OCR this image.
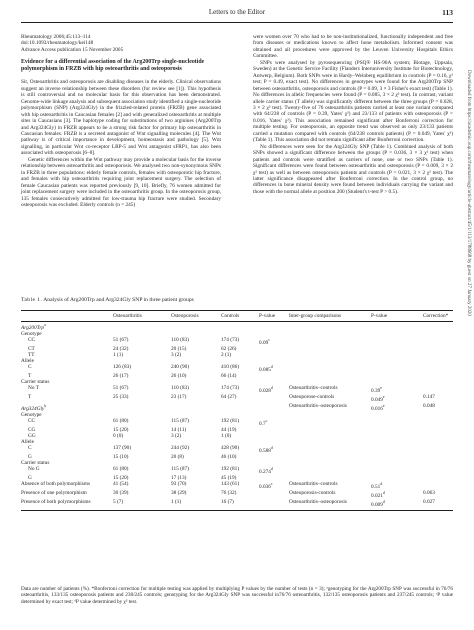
Letters to the Editor	113
Rheumatology 2006;45:113–114
doi:10.1093/rheumatology/kei148
Advance Access publication 15 November 2005
Evidence for a differential association of the Arg200Trp single-nucleotide polymorphism in FRZB with hip osteoarthritis and osteoporosis

Sir, Osteoarthritis and osteoporosis are disabling diseases in the elderly. Clinical observations suggest an inverse relationship between these disorders (for review see [1]). This hypothesis is still controversial and no molecular basis for this observation has been demonstrated. Genome-wide linkage analysis and subsequent association study identified a single-nucleotide polymorphism (SNP) (Arg324Gly) in the frizzled-related protein (FRZB) gene associated with hip osteoarthritis in Caucasian females [2] and with generalized osteoarthritis at multiple sites in Caucasians [3]. The haplotype coding for substitutions of two arginines (Arg200Trp and Arg324Gly) in FRZB appears to be a strong risk factor for primary hip osteoarthritis in Caucasian females. FRZB is a secreted antagonist of Wnt signalling molecules [4]. The Wnt pathway is of critical importance in development, homeostasis and pathology [5]. Wnt signalling, in particular Wnt co-receptor LRP-5 and Wnt antagonist sFRP1, has also been associated with osteoporosis [6–8].

Genetic differences within the Wnt pathway may provide a molecular basis for the inverse relationship between osteoarthritis and osteoporosis. We analysed two non-synonymous SNPs in FRZB in three populations: elderly female controls, females with osteoporotic hip fracture, and females with hip osteoarthritis requiring joint replacement surgery. The selection of female Caucasian patients was reported previously [9, 10]. Briefly, 76 women admitted for joint replacement surgery were included in the osteoarthritis group. In the osteoporosis group, 135 females consecutively admitted for low-trauma hip fracture were studied. Secondary osteoporosis was excluded. Elderly controls (n = 245)

were women over 70 who had to be non-institutionalized, functionally independent and free from diseases or medications known to affect bone metabolism. Informed consent was obtained and all procedures were approved by the Leuven University Hospitals Ethics Committee.

SNPs were analysed by pyrosequencing (PSQ® HS-96A system; Biotage, Uppsala, Sweden) at the Genetic Service Facility (Flanders Interuniversity Institute for Biotechnology, Antwerp, Belgium). Both SNPs were in Hardy–Weinberg equilibrium in controls (P = 0.16, χ² test; P = 0.49, exact test). No differences in genotypes were found for the Arg200Trp SNP between osteoarthritis, osteoporosis and controls (P = 0.09, 3 × 3 Fisher's exact test) (Table 1). No differences in allelic frequencies were found (P = 0.085, 3 × 2 χ² test). In contrast, variant allele carrier status (T allele) was significantly different between the three groups (P = 0.028, 3 × 2 χ² test). Twenty-five of 76 osteoarthritis patients carried at least one variant compared with 64/238 of controls (P = 0.39, Yates' χ²) and 23/133 of patients with osteoporosis (P = 0.016, Yates' χ²). This association remained significant after Bonferroni correction for multiple testing. For osteoporosis, an opposite trend was observed as only 23/133 patients carried a mutation compared with controls (64/238 controls patients) (P = 0.049, Yates' χ²) (Table 1). This association did not remain significant after Bonferroni correction.

No differences were seen for the Arg324Gly SNP (Table 1). Combined analysis of both SNPs showed a significant difference between the groups (P = 0.036, 3 × 3 χ² test) when patients and controls were stratified as carriers of none, one or two SNPs (Table 1). Significant differences were found between osteoarthritis and osteoporosis (P = 0.009, 3 × 2 χ² test) as well as between osteoporosis patients and controls (P = 0.021, 3 × 2 χ² test). The latter significance disappeared after Bonferroni correction. In the control group, no differences in bone mineral density were found between individuals carrying the variant and those with the normal allele at position 200 (Student's t-test P > 0.5).	Downloaded from https://academic.oup.com/rheumatology/article-abstract/45/1/113/1788668 by guest on 27 January 2020
Table 1. Analysis of Arg200Trp and Arg324Gly SNP in three patient groups
	Osteoarthritis	Osteoporosis	Controls	P-value	Inter-group comparisons	P-value	Correction*
Arg200Trp$^a$							
Genotype							
CC	51 (67)	110 (83)	174 (73)	0.09$^c$			
CT	24 (32)	20 (15)	62 (26)				
TT	1 (1)	3 (2)	2 (1)				
Allele							
C	126 (83)	240 (90)	410 (86)	0.085$^d$			
T	26 (17)	26 (10)	66 (14)				
Carrier status							
No T	51 (67)	110 (83)	174 (73)	0.028$^d$	Osteoarthritis–controls	0.39e	
T	25 (33)	23 (17)	64 (27)		Osteoporose-controls	0.049e	0.147
Arg324Gly$^b$					Osteoarthritis–osteoporosis	0.016e	0.048
Genotype							
CC	61 (80)	115 (87)	192 (81)	0.7$^c$			
CG	15 (20)	14 (11)	44 (19)				
GG	0 (0)	3 (2)	1 (0)				
Allele							
C	137 (90)	244 (92)	428 (90)	0.588$^d$			
G	15 (10)	20 (8)	46 (10)				
Carrier status							
No G	61 (80)	115 (87)	192 (81)	0.274$^d$			
G	15 (20)	17 (13)	45 (19)				
Absence of both polymorphisms	41 (54)	93 (70)	143 (61)	0.036$^c$	Osteoarthritis–controls	0.51$^d$	
Presence of one polymorphism	30 (39)	38 (29)	76 (32)		Osteoporosis-controls	0.021$^d$	0.063
Presence of both polymorphisms	5 (7)	1 (1)	16 (7)		Osteoarthritis–osteoporosis	0.009$^d$	0.027
Data are number of patients (%). *Bonferroni correction for multiple testing was applied by multiplying P values by the number of tests (n = 3); ᵃgenotyping for the Arg200Trp SNP was successful in 76/76 osteoarthritis, 133/135 osteoporosis patients and 238/245 controls; genotyping for the Arg324Gly SNP was successful in76/76 osteoarthritis, 132/135 osteoporosis patients and 237/245 controls; ᶜP value determined by exact test; ᵈP value determined by χ² test.
